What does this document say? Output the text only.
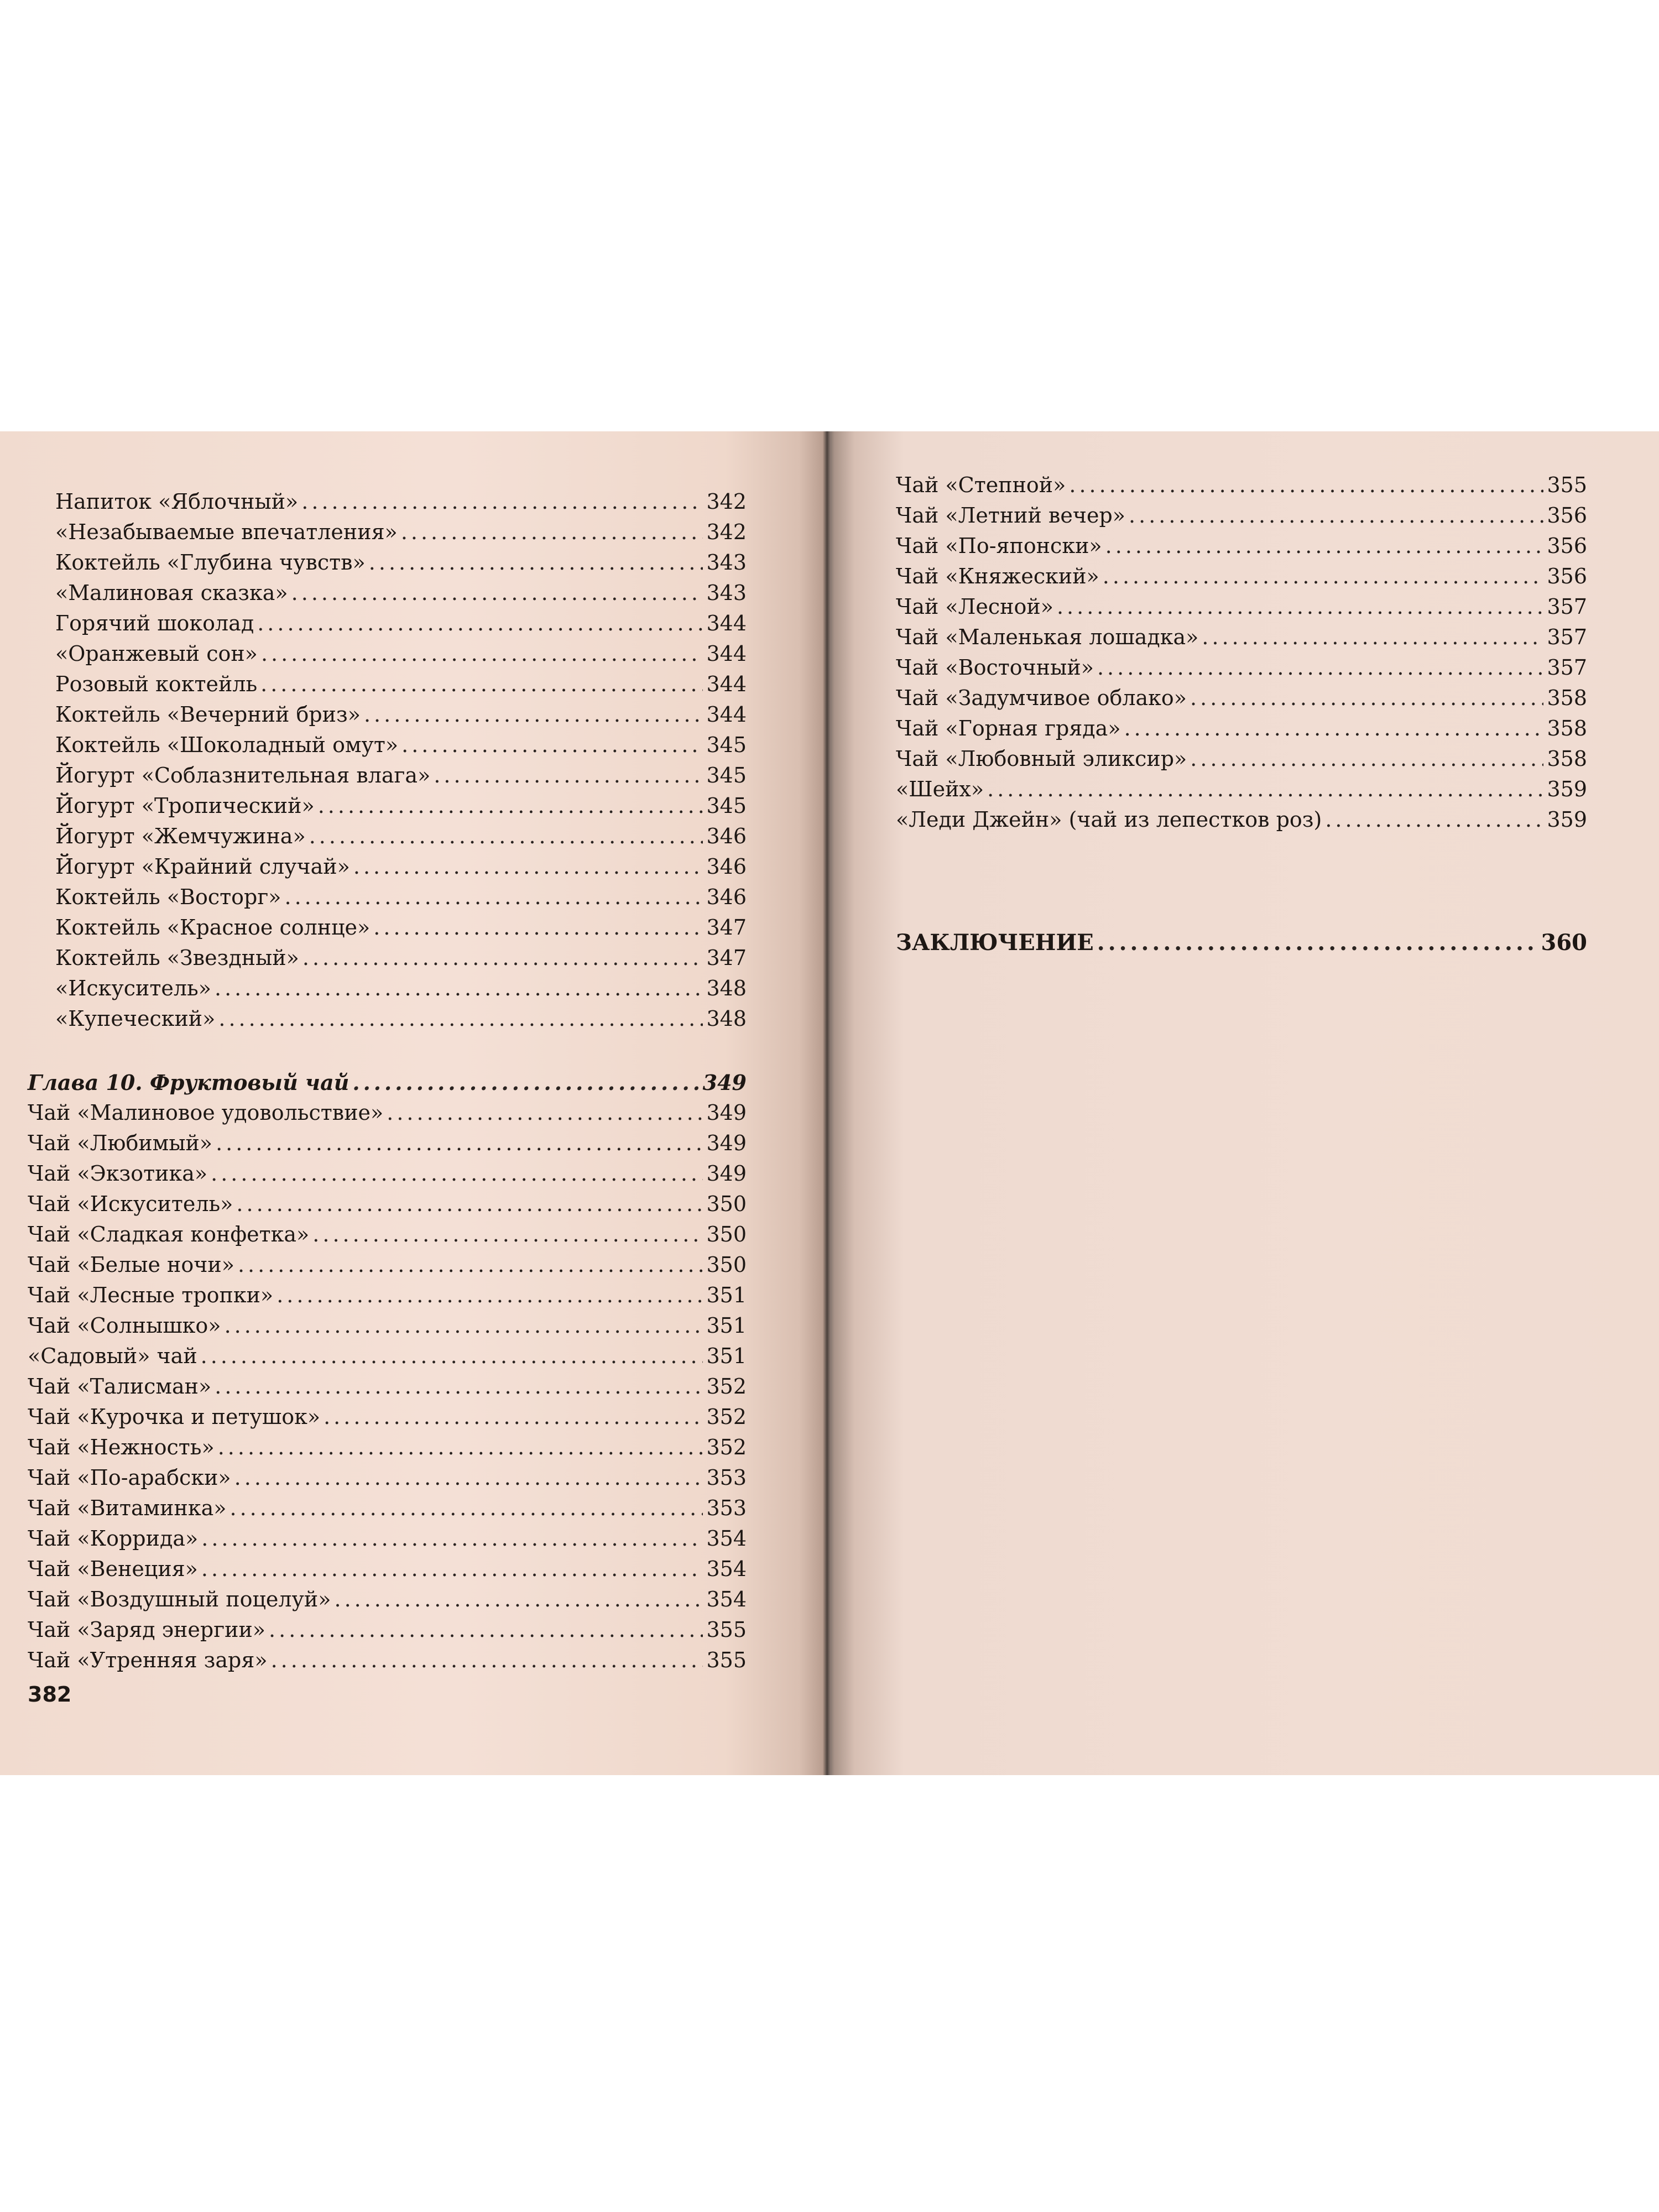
Напиток «Яблочный» .....	342
«Незабываемые впечатления» .....	342
Коктейль «Глубина чувств» .....	343
«Малиновая сказка» .....	343
Горячий шоколад .....	344
«Оранжевый сон» .....	344
Розовый коктейль .....	344
Коктейль «Вечерний бриз» .....	344
Коктейль «Шоколадный омут» .....	345
Йогурт «Соблазнительная влага» .....	345
Йогурт «Тропический» .....	345
Йогурт «Жемчужина» .....	346
Йогурт «Крайний случай» .....	346
Коктейль «Восторг» .....	346
Коктейль «Красное солнце» .....	347
Коктейль «Звездный» .....	347
«Искуситель» .....	348
«Купеческий» .....	348
Глава 10. Фруктовый чай .....	349
Чай «Малиновое удовольствие» .....	349
Чай «Любимый» .....	349
Чай «Экзотика» .....	349
Чай «Искуситель» .....	350
Чай «Сладкая конфетка» .....	350
Чай «Белые ночи» .....	350
Чай «Лесные тропки» .....	351
Чай «Солнышко» .....	351
«Садовый» чай .....	351
Чай «Талисман» .....	352
Чай «Курочка и петушок» .....	352
Чай «Нежность» .....	352
Чай «По-арабски» .....	353
Чай «Витаминка» .....	353
Чай «Коррида» .....	354
Чай «Венеция» .....	354
Чай «Воздушный поцелуй» .....	354
Чай «Заряд энергии» .....	355
Чай «Утренняя заря» .....	355
Чай «Степной» .....	355
Чай «Летний вечер» .....	356
Чай «По-японски» .....	356
Чай «Княжеский» .....	356
Чай «Лесной» .....	357
Чай «Маленькая лошадка» .....	357
Чай «Восточный» .....	357
Чай «Задумчивое облако» .....	358
Чай «Горная гряда» .....	358
Чай «Любовный эликсир» .....	358
«Шейх» .....	359
«Леди Джейн» (чай из лепестков роз) .....	359
ЗАКЛЮЧЕНИЕ .....	360
382
